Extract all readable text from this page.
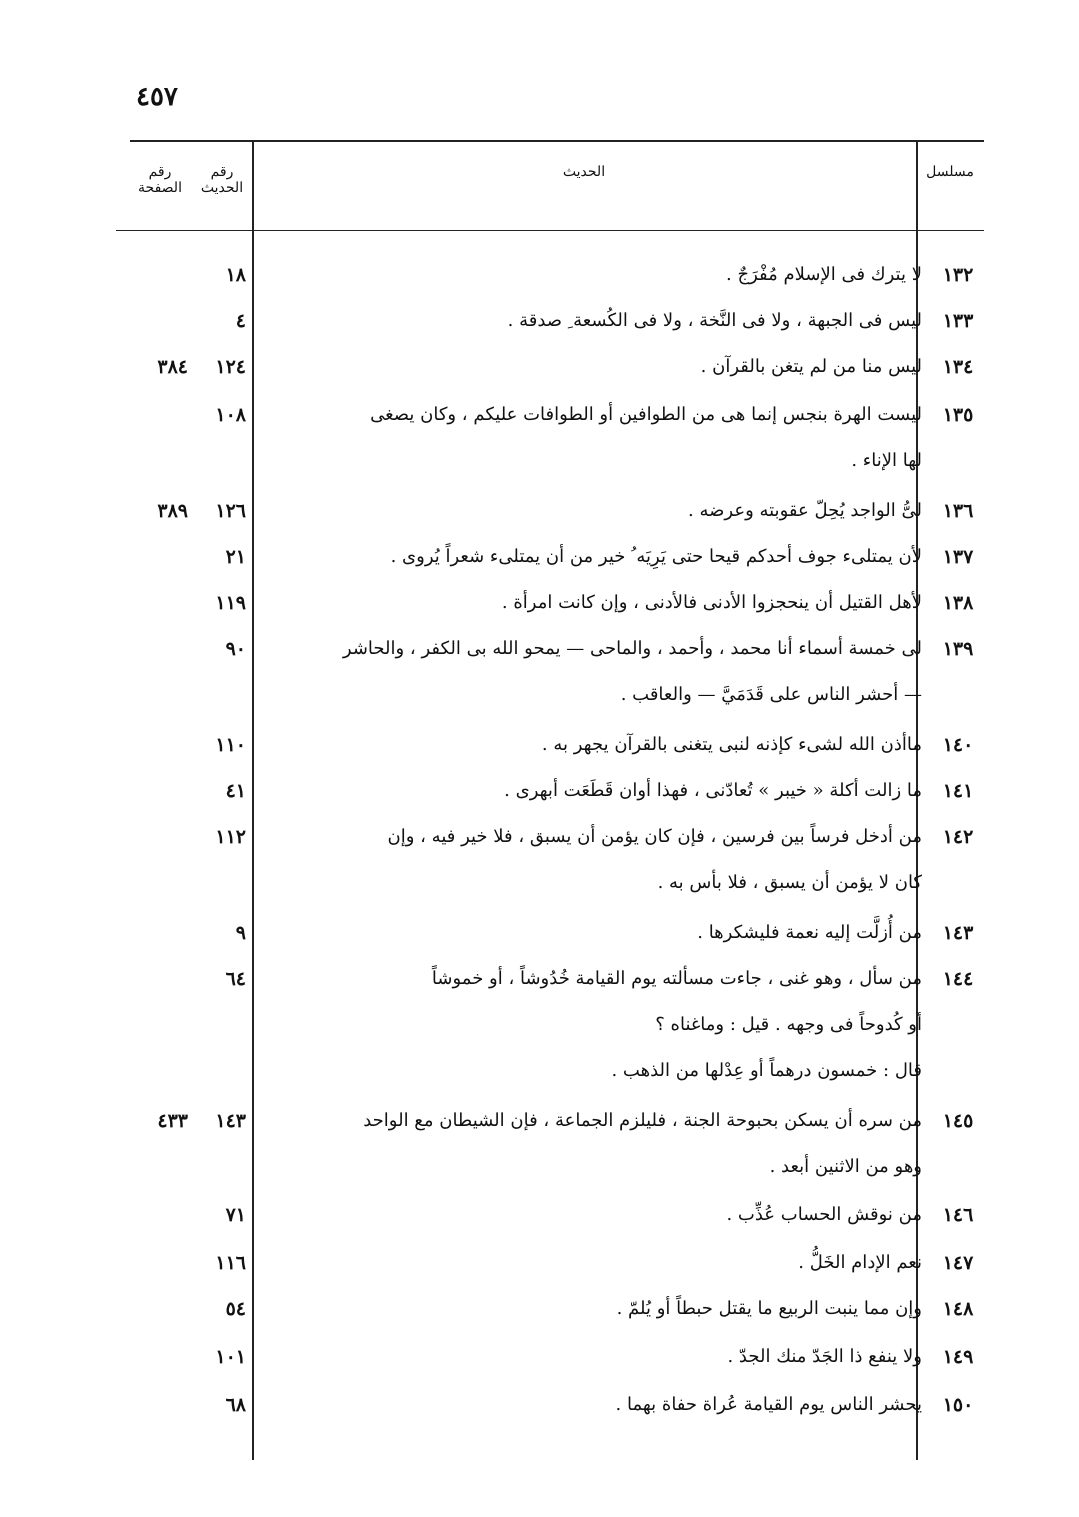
٤٥٧
مسلسل
الحديث
رقم الحديث
رقم الصفحة
١٣٢
لا يترك فى الإسلام مُفْرَجٌ .
١٨
١٣٣
ليس فى الجبهة ، ولا فى النَّخة ، ولا فى الكُسعة ِ صدقة .
٤
١٣٤
ليس منا من لم يتغن بالقرآن .
١٢٤
٣٨٤
١٣٥
ليست الهرة بنجس إنما هى من الطوافين أو الطوافات عليكم ، وكان يصغى
لها الإناء .
١٠٨
١٣٦
لىُّ الواجد يُحِلّ عقوبته وعرضه .
١٢٦
٣٨٩
١٣٧
لأن يمتلىء جوف أحدكم قيحا حتى يَرِيَه ُ خير من أن يمتلىء شعراً يُروى .
٢١
١٣٨
لأهل القتيل أن ينحجزوا الأدنى فالأدنى ، وإن كانت امرأة .
١١٩
١٣٩
لى خمسة أسماء أنا محمد ، وأحمد ، والماحى — يمحو الله بى الكفر ، والحاشر
— أحشر الناس على قَدَمَيَّ — والعاقب .
٩٠
١٤٠
ماأذن الله لشىء كإذنه لنبى يتغنى بالقرآن يجهر به .
١١٠
١٤١
ما زالت أكلة « خيبر » تُعادّنى ، فهذا أوان قَطَعَت أبهرى .
٤١
١٤٢
من أدخل فرساً بين فرسين ، فإن كان يؤمن أن يسبق ، فلا خير فيه ، وإن
كان لا يؤمن أن يسبق ، فلا بأس به .
١١٢
١٤٣
من أُزلَّت إليه نعمة فليشكرها .
٩
١٤٤
من سأل ، وهو غنى ، جاءت مسألته يوم القيامة خُدُوشاً ، أو خموشاً
أو كُدوحاً فى وجهه . قيل : وماغناه ؟
قال : خمسون درهماً أو عِدْلها من الذهب .
٦٤
١٤٥
من سره أن يسكن بحبوحة الجنة ، فليلزم الجماعة ، فإن الشيطان مع الواحد
وهو من الاثنين أبعد .
١٤٣
٤٣٣
١٤٦
من نوقش الحساب عُذِّب .
٧١
١٤٧
نعم الإدام الخَلُّ .
١١٦
١٤٨
وإن مما ينبت الربيع ما يقتل حبطاً أو يُلمّ .
٥٤
١٤٩
ولا ينفع ذا الجَدّ منك الجدّ .
١٠١
١٥٠
يحشر الناس يوم القيامة عُراة حفاة بهما .
٦٨
